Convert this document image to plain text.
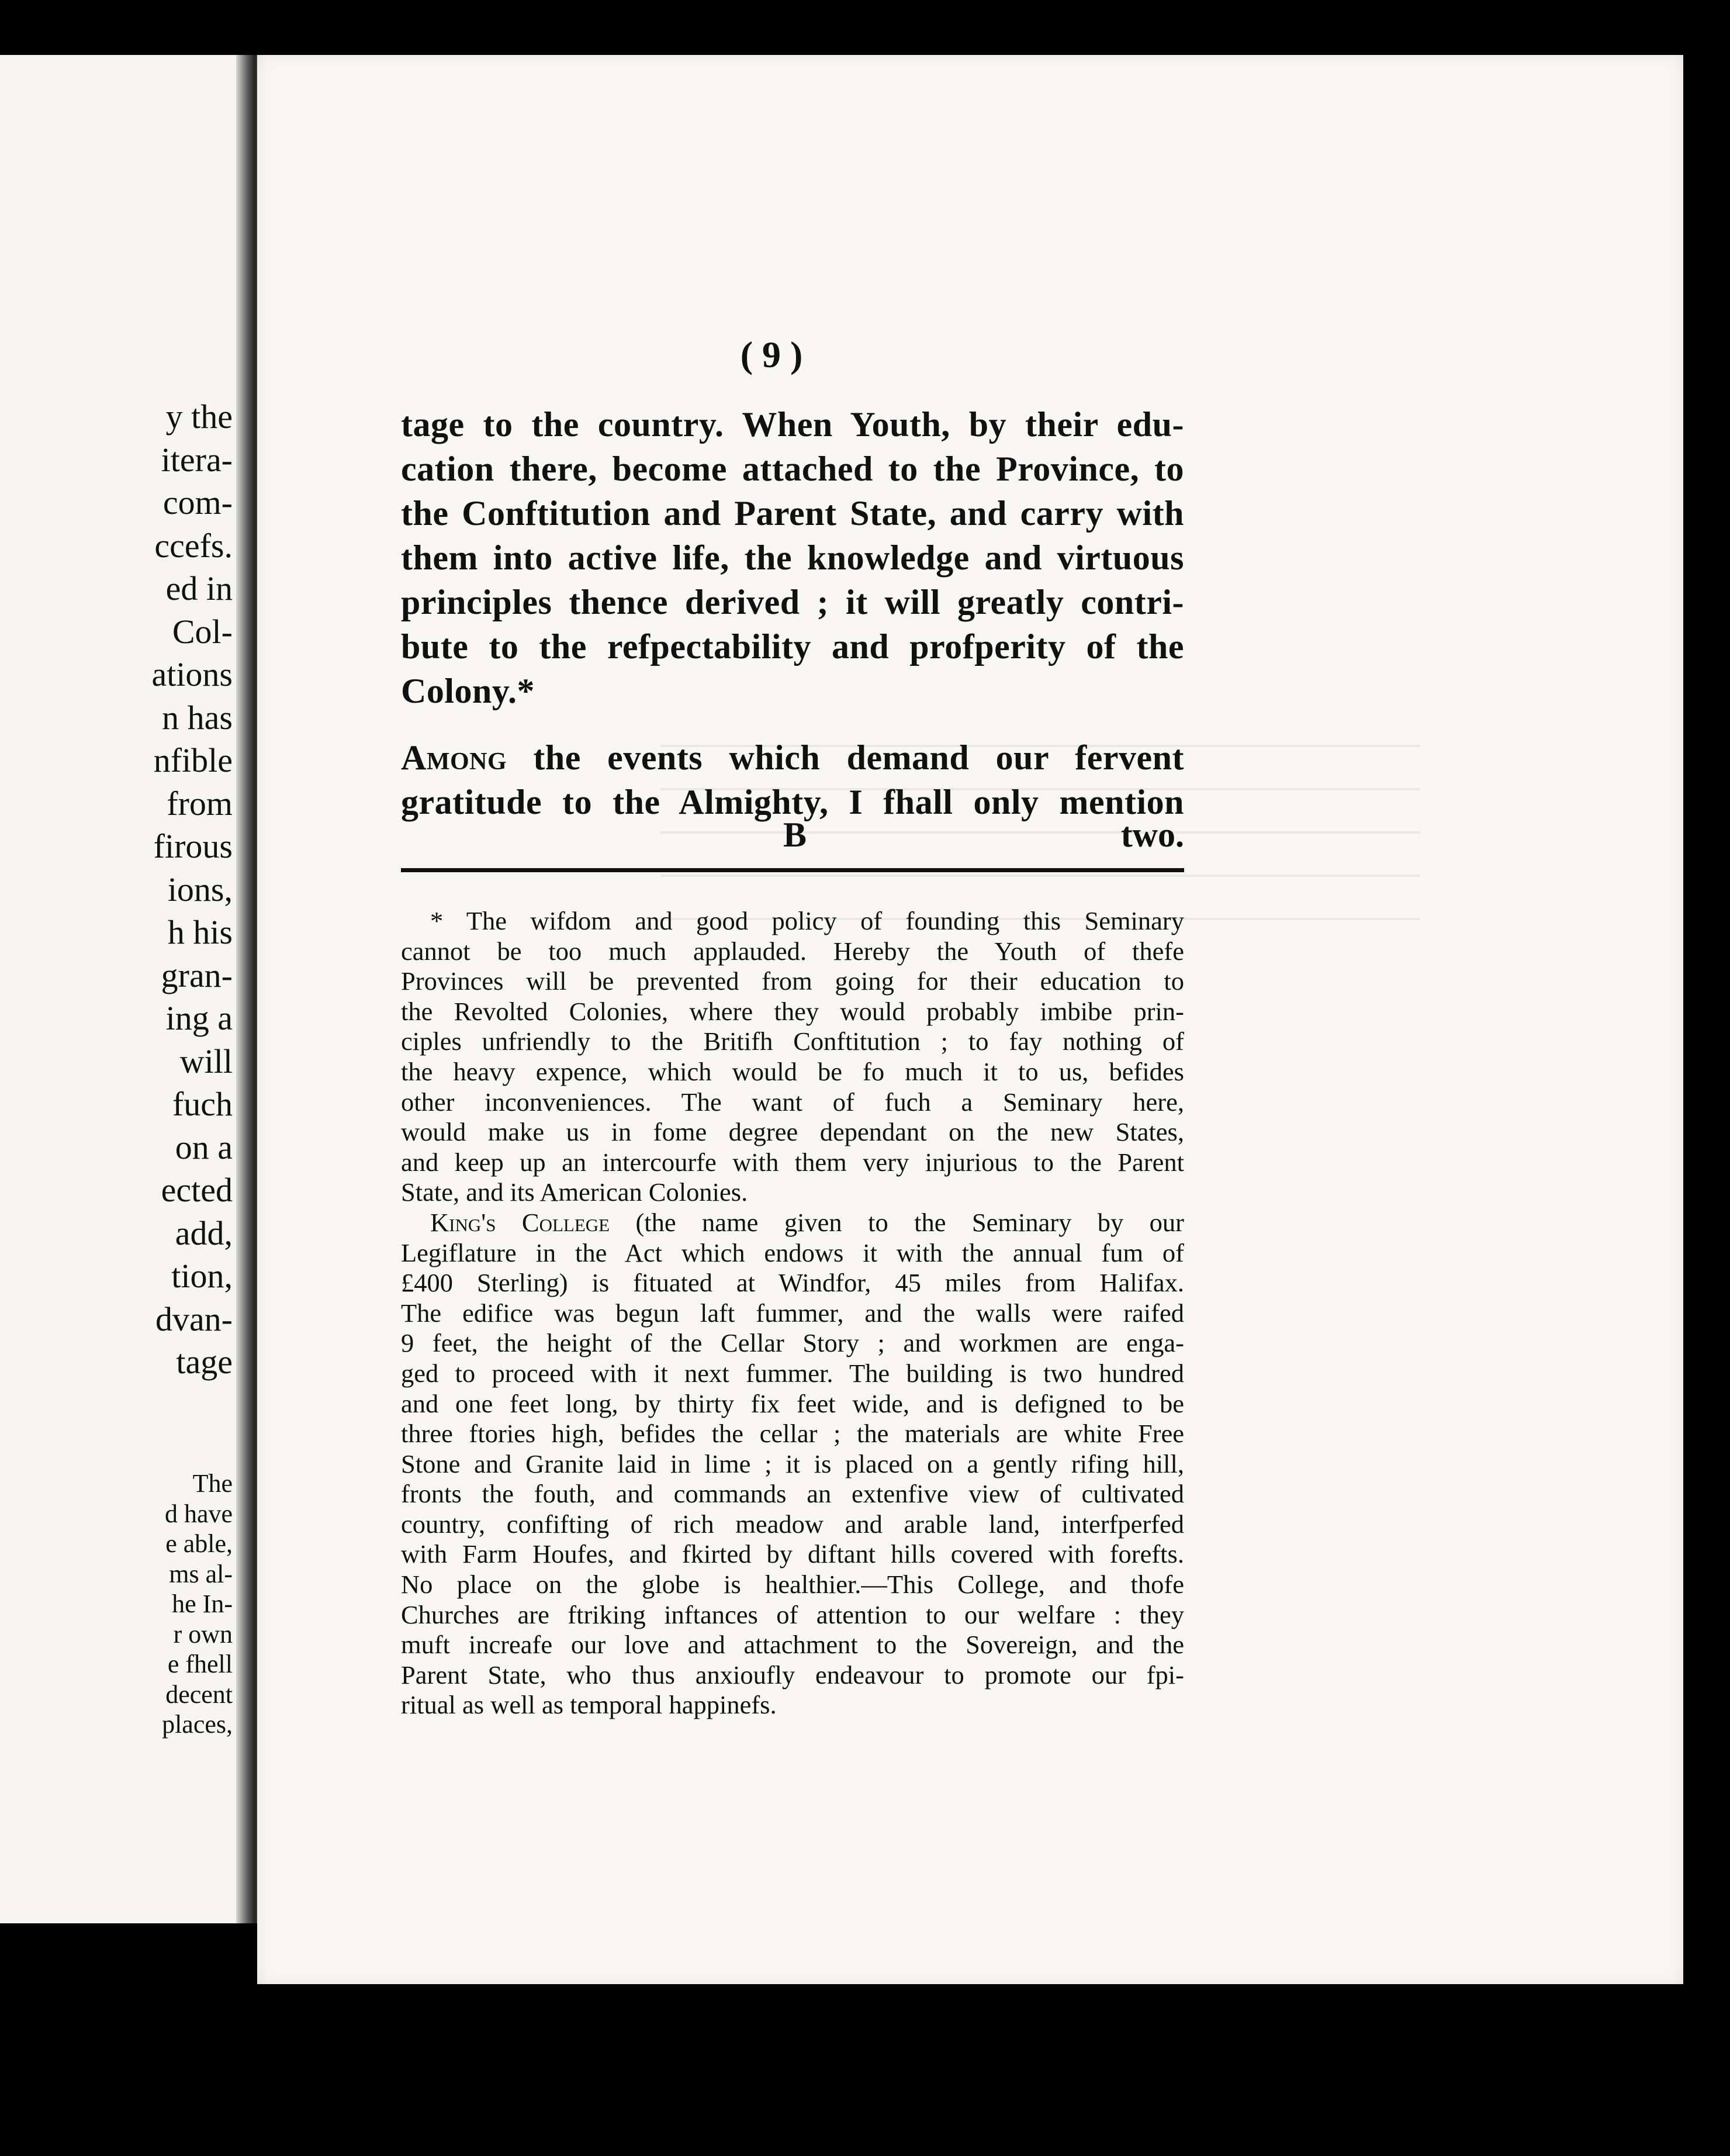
y the
itera-
com-
ccefs.
ed in
Col-
ations
n has
nfible
from
firous
ions,
h his
gran-
ing a
will
fuch
on a
ected
add,
tion,
dvan-
tage
The
d have
e able,
ms al-
he In-
r own
e fhell
decent
places,
( 9 )
tage to the country. When Youth, by their edu-
cation there, become attached to the Province, to
the Conftitution and Parent State, and carry with
them into active life, the knowledge and virtuous
principles thence derived ; it will greatly contri-
bute to the refpectability and profperity of the
Colony.*
Among the events which demand our fervent
gratitude to the Almighty, I fhall only mention
B	two.
* The wifdom and good policy of founding this Seminary
cannot be too much applauded. Hereby the Youth of thefe
Provinces will be prevented from going for their education to
the Revolted Colonies, where they would probably imbibe prin-
ciples unfriendly to the Britifh Conftitution ; to fay nothing of
the heavy expence, which would be fo much it to us, befides
other inconveniences. The want of fuch a Seminary here,
would make us in fome degree dependant on the new States,
and keep up an intercourfe with them very injurious to the Parent
State, and its American Colonies.
King's College (the name given to the Seminary by our
Legiflature in the Act which endows it with the annual fum of
£400 Sterling) is fituated at Windfor, 45 miles from Halifax.
The edifice was begun laft fummer, and the walls were raifed
9 feet, the height of the Cellar Story ; and workmen are enga-
ged to proceed with it next fummer. The building is two hundred
and one feet long, by thirty fix feet wide, and is defigned to be
three ftories high, befides the cellar ; the materials are white Free
Stone and Granite laid in lime ; it is placed on a gently rifing hill,
fronts the fouth, and commands an extenfive view of cultivated
country, confifting of rich meadow and arable land, interfperfed
with Farm Houfes, and fkirted by diftant hills covered with forefts.
No place on the globe is healthier.—This College, and thofe
Churches are ftriking inftances of attention to our welfare : they
muft increafe our love and attachment to the Sovereign, and the
Parent State, who thus anxioufly endeavour to promote our fpi-
ritual as well as temporal happinefs.
